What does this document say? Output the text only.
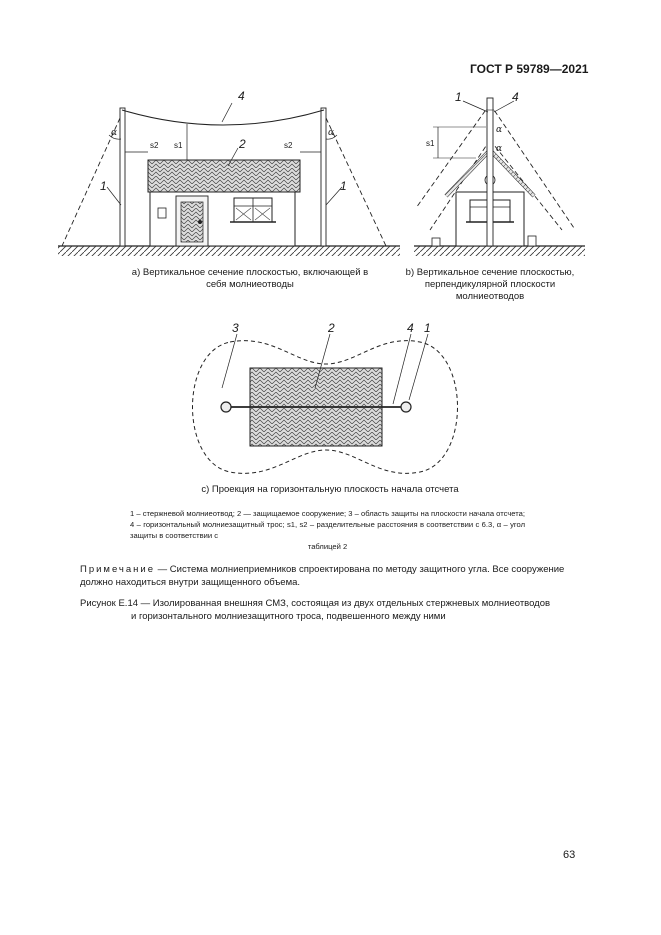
ГОСТ Р 59789—2021
4
2
1	1
s2	s2
s1
α	α
1	4
s1
α
α
3	2	4 1
a) Вертикальное сечение плоскостью, включающей в себя молниеотводы
b) Вертикальное сечение плоскостью, перпендикулярной плоскости молниеотводов
c) Проекция на горизонтальную плоскость начала отсчета
1 – стержневой молниеотвод; 2 — защищаемое сооружение; 3 – область защиты на плоскости начала отсчета; 4 – горизонтальный молниезащитный трос; s1, s2 – разделительные расстояния в соответствии с 6.3, α – угол защиты в соответствии с
таблицей 2
Примечание — Система молниеприемников спроектирована по методу защитного угла. Все сооружение должно находиться внутри защищенного объема.
Рисунок Е.14 — Изолированная внешняя СМЗ, состоящая из двух отдельных стержневых молниеотводов
и горизонтального молниезащитного троса, подвешенного между ними
63
